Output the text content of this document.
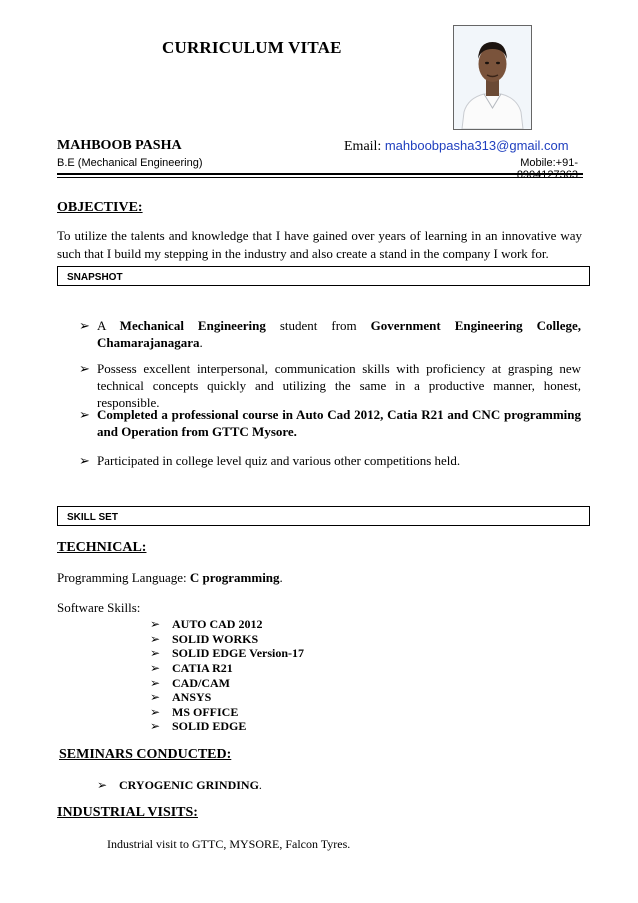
CURRICULUM VITAE
MAHBOOB PASHA	Email: mahboobpasha313@gmail.com
B.E (Mechanical Engineering)	Mobile:+91-8904127363
OBJECTIVE:
To utilize the talents and knowledge that I have gained over years of learning in an innovative way such that I build my stepping in the industry and also create a stand in the company I work for.
SNAPSHOT
➢ A Mechanical Engineering student from Government Engineering College, Chamarajanagara.
➢ Possess excellent interpersonal, communication skills with proficiency at grasping new technical concepts quickly and utilizing the same in a productive manner, honest, responsible.
➢ Completed a professional course in Auto Cad 2012, Catia R21 and CNC programming and Operation from GTTC Mysore.
➢ Participated in college level quiz and various other competitions held.
SKILL SET
TECHNICAL:
Programming Language: C programming.
Software Skills:
➢ AUTO CAD 2012
➢ SOLID WORKS
➢ SOLID EDGE Version-17
➢ CATIA R21
➢ CAD/CAM
➢ ANSYS
➢ MS OFFICE
➢ SOLID EDGE
SEMINARS CONDUCTED:
➢ CRYOGENIC GRINDING.
INDUSTRIAL VISITS:
Industrial visit to GTTC, MYSORE, Falcon Tyres.
